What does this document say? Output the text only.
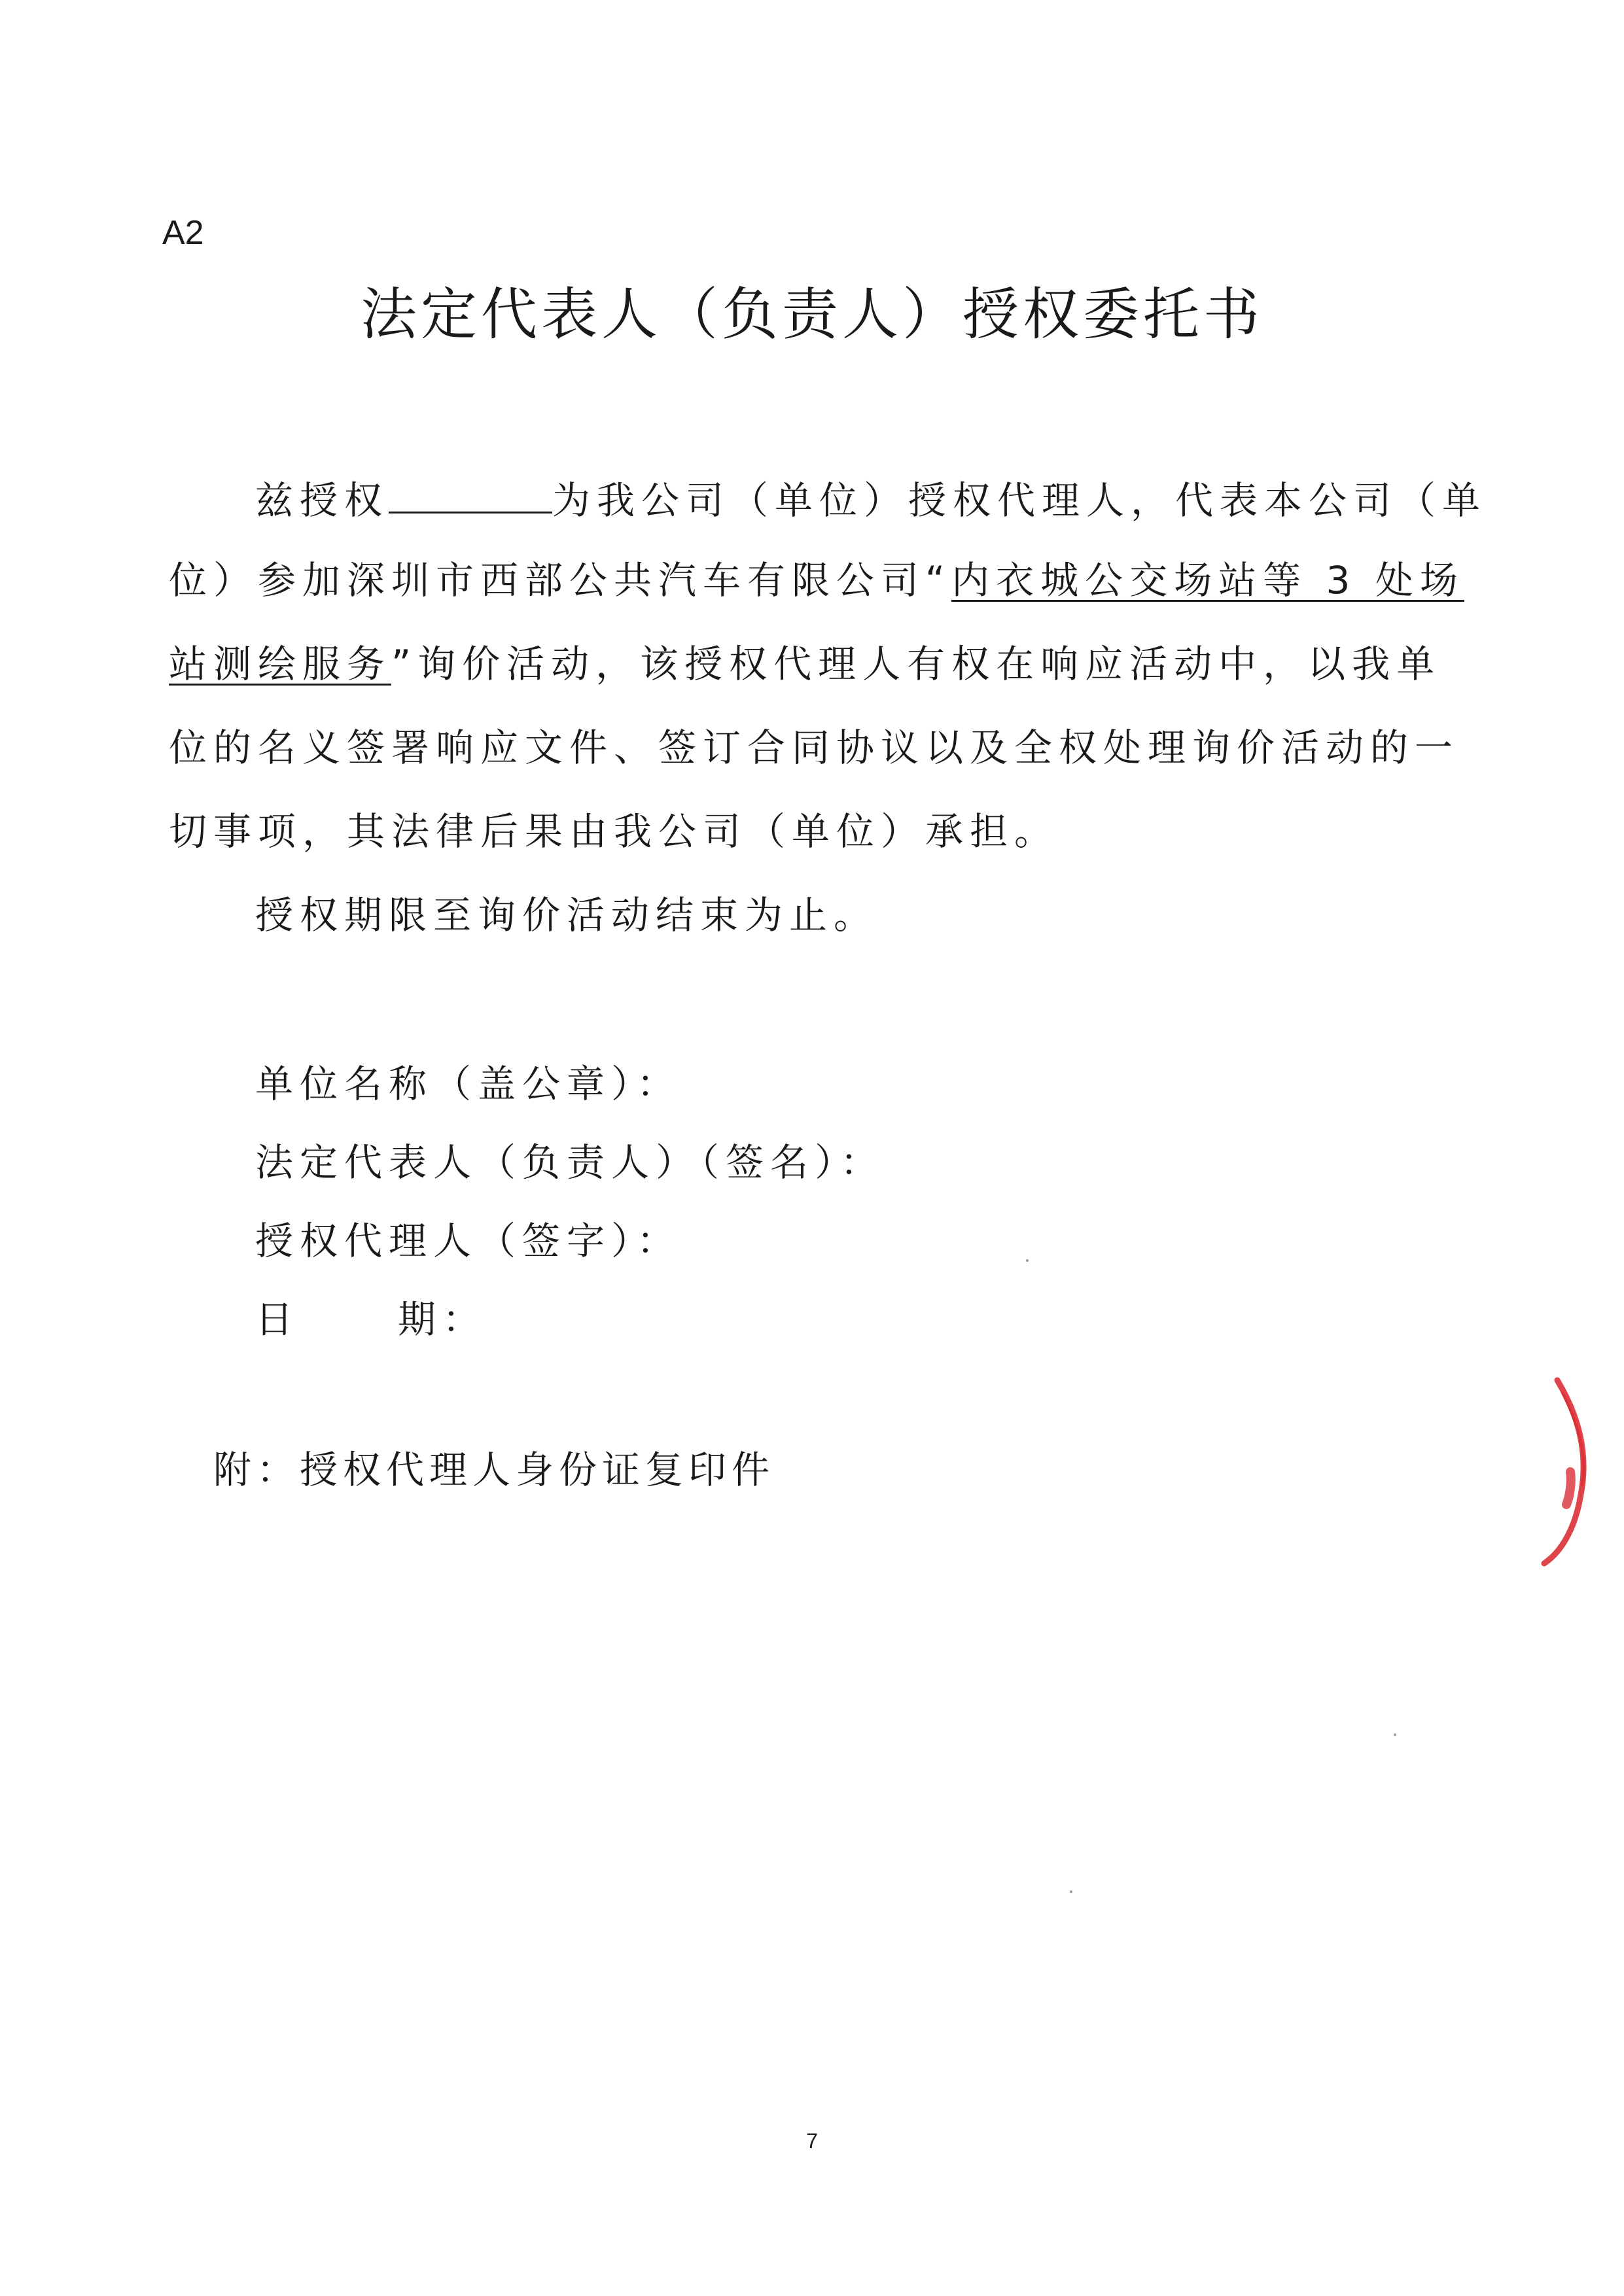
A2
法定代表人（负责人）授权委托书
兹授权	为我公司（单位）授权代理人，代表本公司（单
位）参加深圳市西部公共汽车有限公司“内衣城公交场站等 3 处场
站测绘服务”询价活动，该授权代理人有权在响应活动中，以我单
位的名义签署响应文件、签订合同协议以及全权处理询价活动的一
切事项，其法律后果由我公司（单位）承担。
授权期限至询价活动结束为止。
单位名称（盖公章）：
法定代表人（负责人）（签名）：
授权代理人（签字）：
日	期：
附：授权代理人身份证复印件
7
